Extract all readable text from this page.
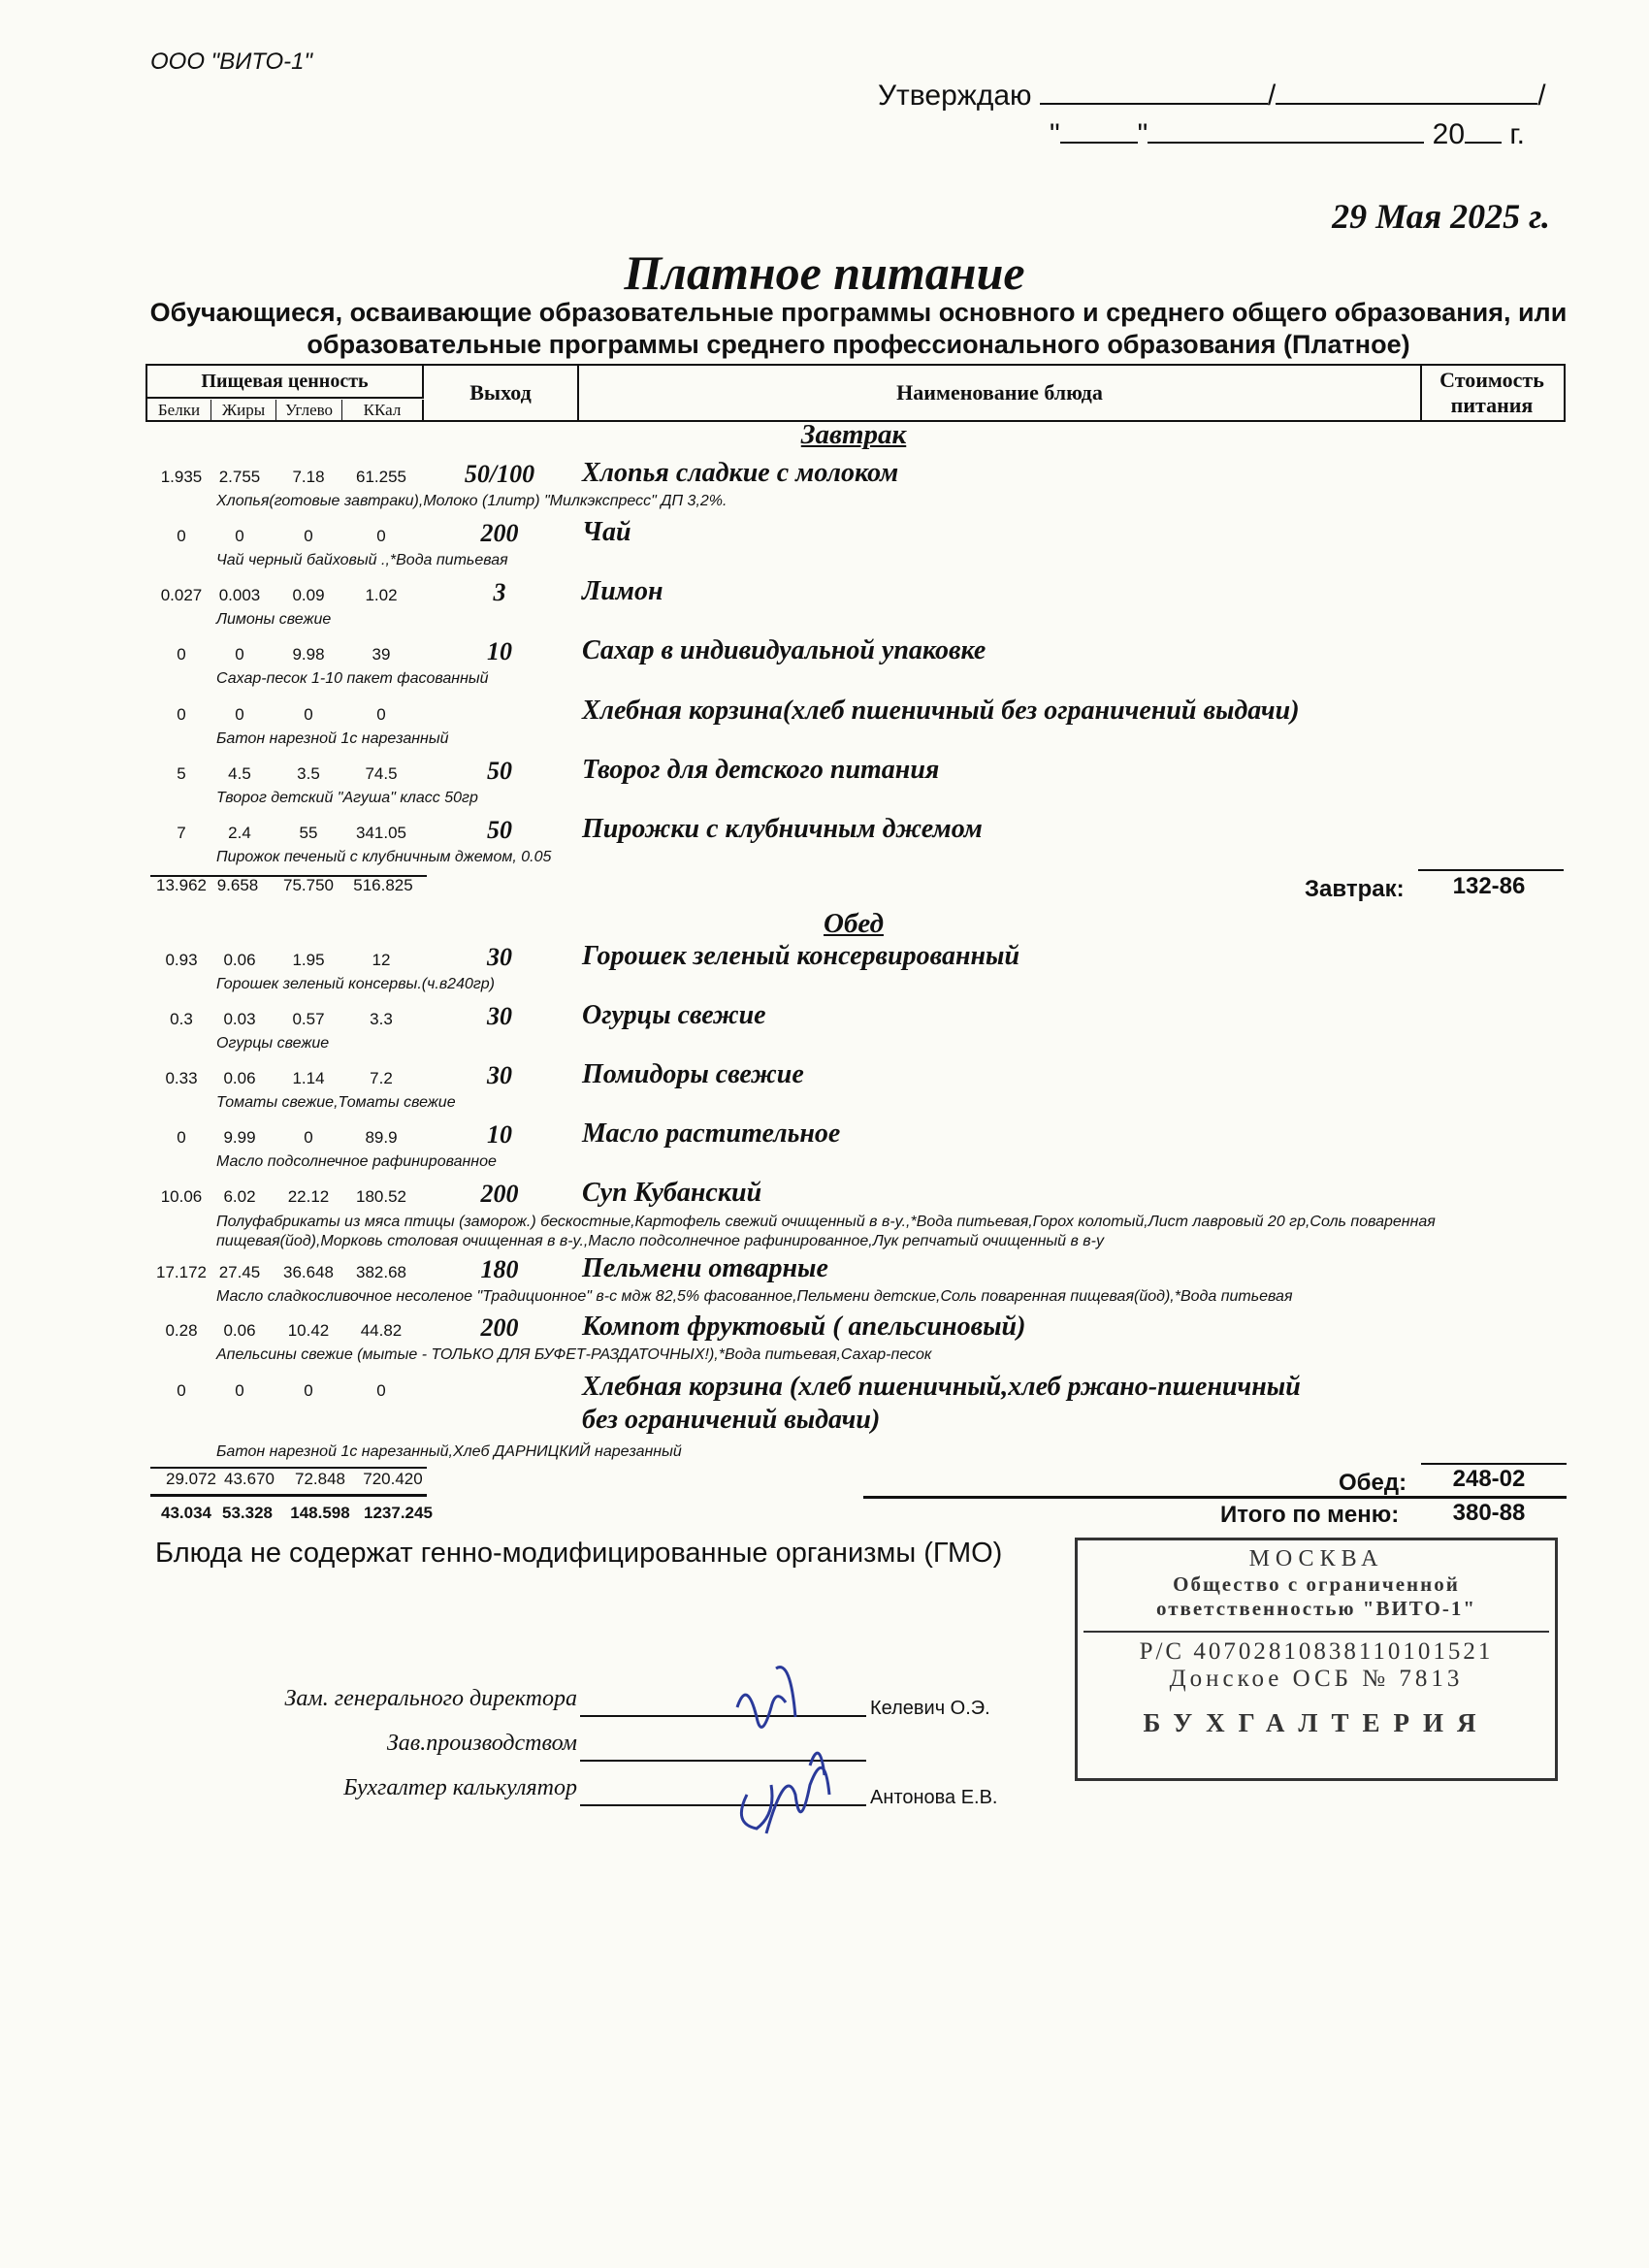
ООО "ВИТО-1"
Утверждаю	/	/
"	"	20 г.
29 Мая 2025 г.
Платное питание
Обучающиеся, осваивающие образовательные программы основного и среднего общего образования, или образовательные программы среднего профессионального образования (Платное)
Пищевая ценность
Белки	Жиры	Углево	ККал
Выход	Наименование блюда
Стоимость питания
Завтрак
1.935	2.755	7.18	61.255	50/100	Хлопья сладкие с молоком
Хлопья(готовые завтраки),Молоко (1литр) "Милкэкспресс" ДП 3,2%.
0	0	0	0	200	Чай
Чай черный байховый .,*Вода питьевая
0.027	0.003	0.09	1.02	3	Лимон
Лимоны свежие
0	0	9.98	39	10	Сахар в индивидуальной упаковке
Сахар-песок 1-10 пакет фасованный
0	0	0	0	Хлебная корзина(хлеб пшеничный без ограничений выдачи)
Батон нарезной 1с нарезанный
5	4.5	3.5	74.5	50	Творог для детского питания
Творог детский "Агуша" класс 50гр
7	2.4	55	341.05	50	Пирожки с клубничным джемом
Пирожок печеный с клубничным джемом, 0.05
Обед
0.93	0.06	1.95	12	30	Горошек зеленый консервированный
Горошек зеленый консервы.(ч.в240гр)
0.3	0.03	0.57	3.3	30	Огурцы свежие
Огурцы свежие
0.33	0.06	1.14	7.2	30	Помидоры свежие
Томаты свежие,Томаты свежие
0	9.99	0	89.9	10	Масло растительное
Масло подсолнечное рафинированное
10.06	6.02	22.12	180.52	200	Суп Кубанский
Полуфабрикаты из мяса птицы (заморож.) бескостные,Картофель свежий очищенный в в-у.,*Вода питьевая,Горох колотый,Лист лавровый 20 гр,Соль поваренная пищевая(йод),Морковь столовая очищенная в в-у.,Масло подсолнечное рафинированное,Лук репчатый очищенный в в-у
17.172 27.45	36.648	382.68	180	Пельмени отварные
Масло сладкосливочное несоленое "Традиционное" в-с мдж 82,5% фасованное,Пельмени детские,Соль поваренная пищевая(йод),*Вода питьевая
0.28	0.06	10.42	44.82	200	Компот фруктовый ( апельсиновый)
Апельсины свежие (мытые - ТОЛЬКО ДЛЯ БУФЕТ-РАЗДАТОЧНЫХ!),*Вода питьевая,Сахар-песок
0	0	0	0	Хлебная корзина (хлеб пшеничный,хлеб ржано-пшеничный
без ограничений выдачи)
Батон нарезной 1с нарезанный,Хлеб ДАРНИЦКИЙ нарезанный
13.962 9.658	75.750	516.825	Завтрак:	132-86
29.072 43.670	72.848	720.420	Обед:	248-02
43.034 53.328	148.598 1237.245	Итого по меню:	380-88
Блюда не содержат генно-модифицированные организмы (ГМО)	МОСКВА
Общество с ограниченной
ответственностью "ВИТО-1"
Р/С 40702810838110101521
Донское ОСБ № 7813
БУХГАЛТЕРИЯ
Зам. генерального директора	Келевич О.Э.
Зав.производством
Бухгалтер калькулятор	Антонова Е.В.
